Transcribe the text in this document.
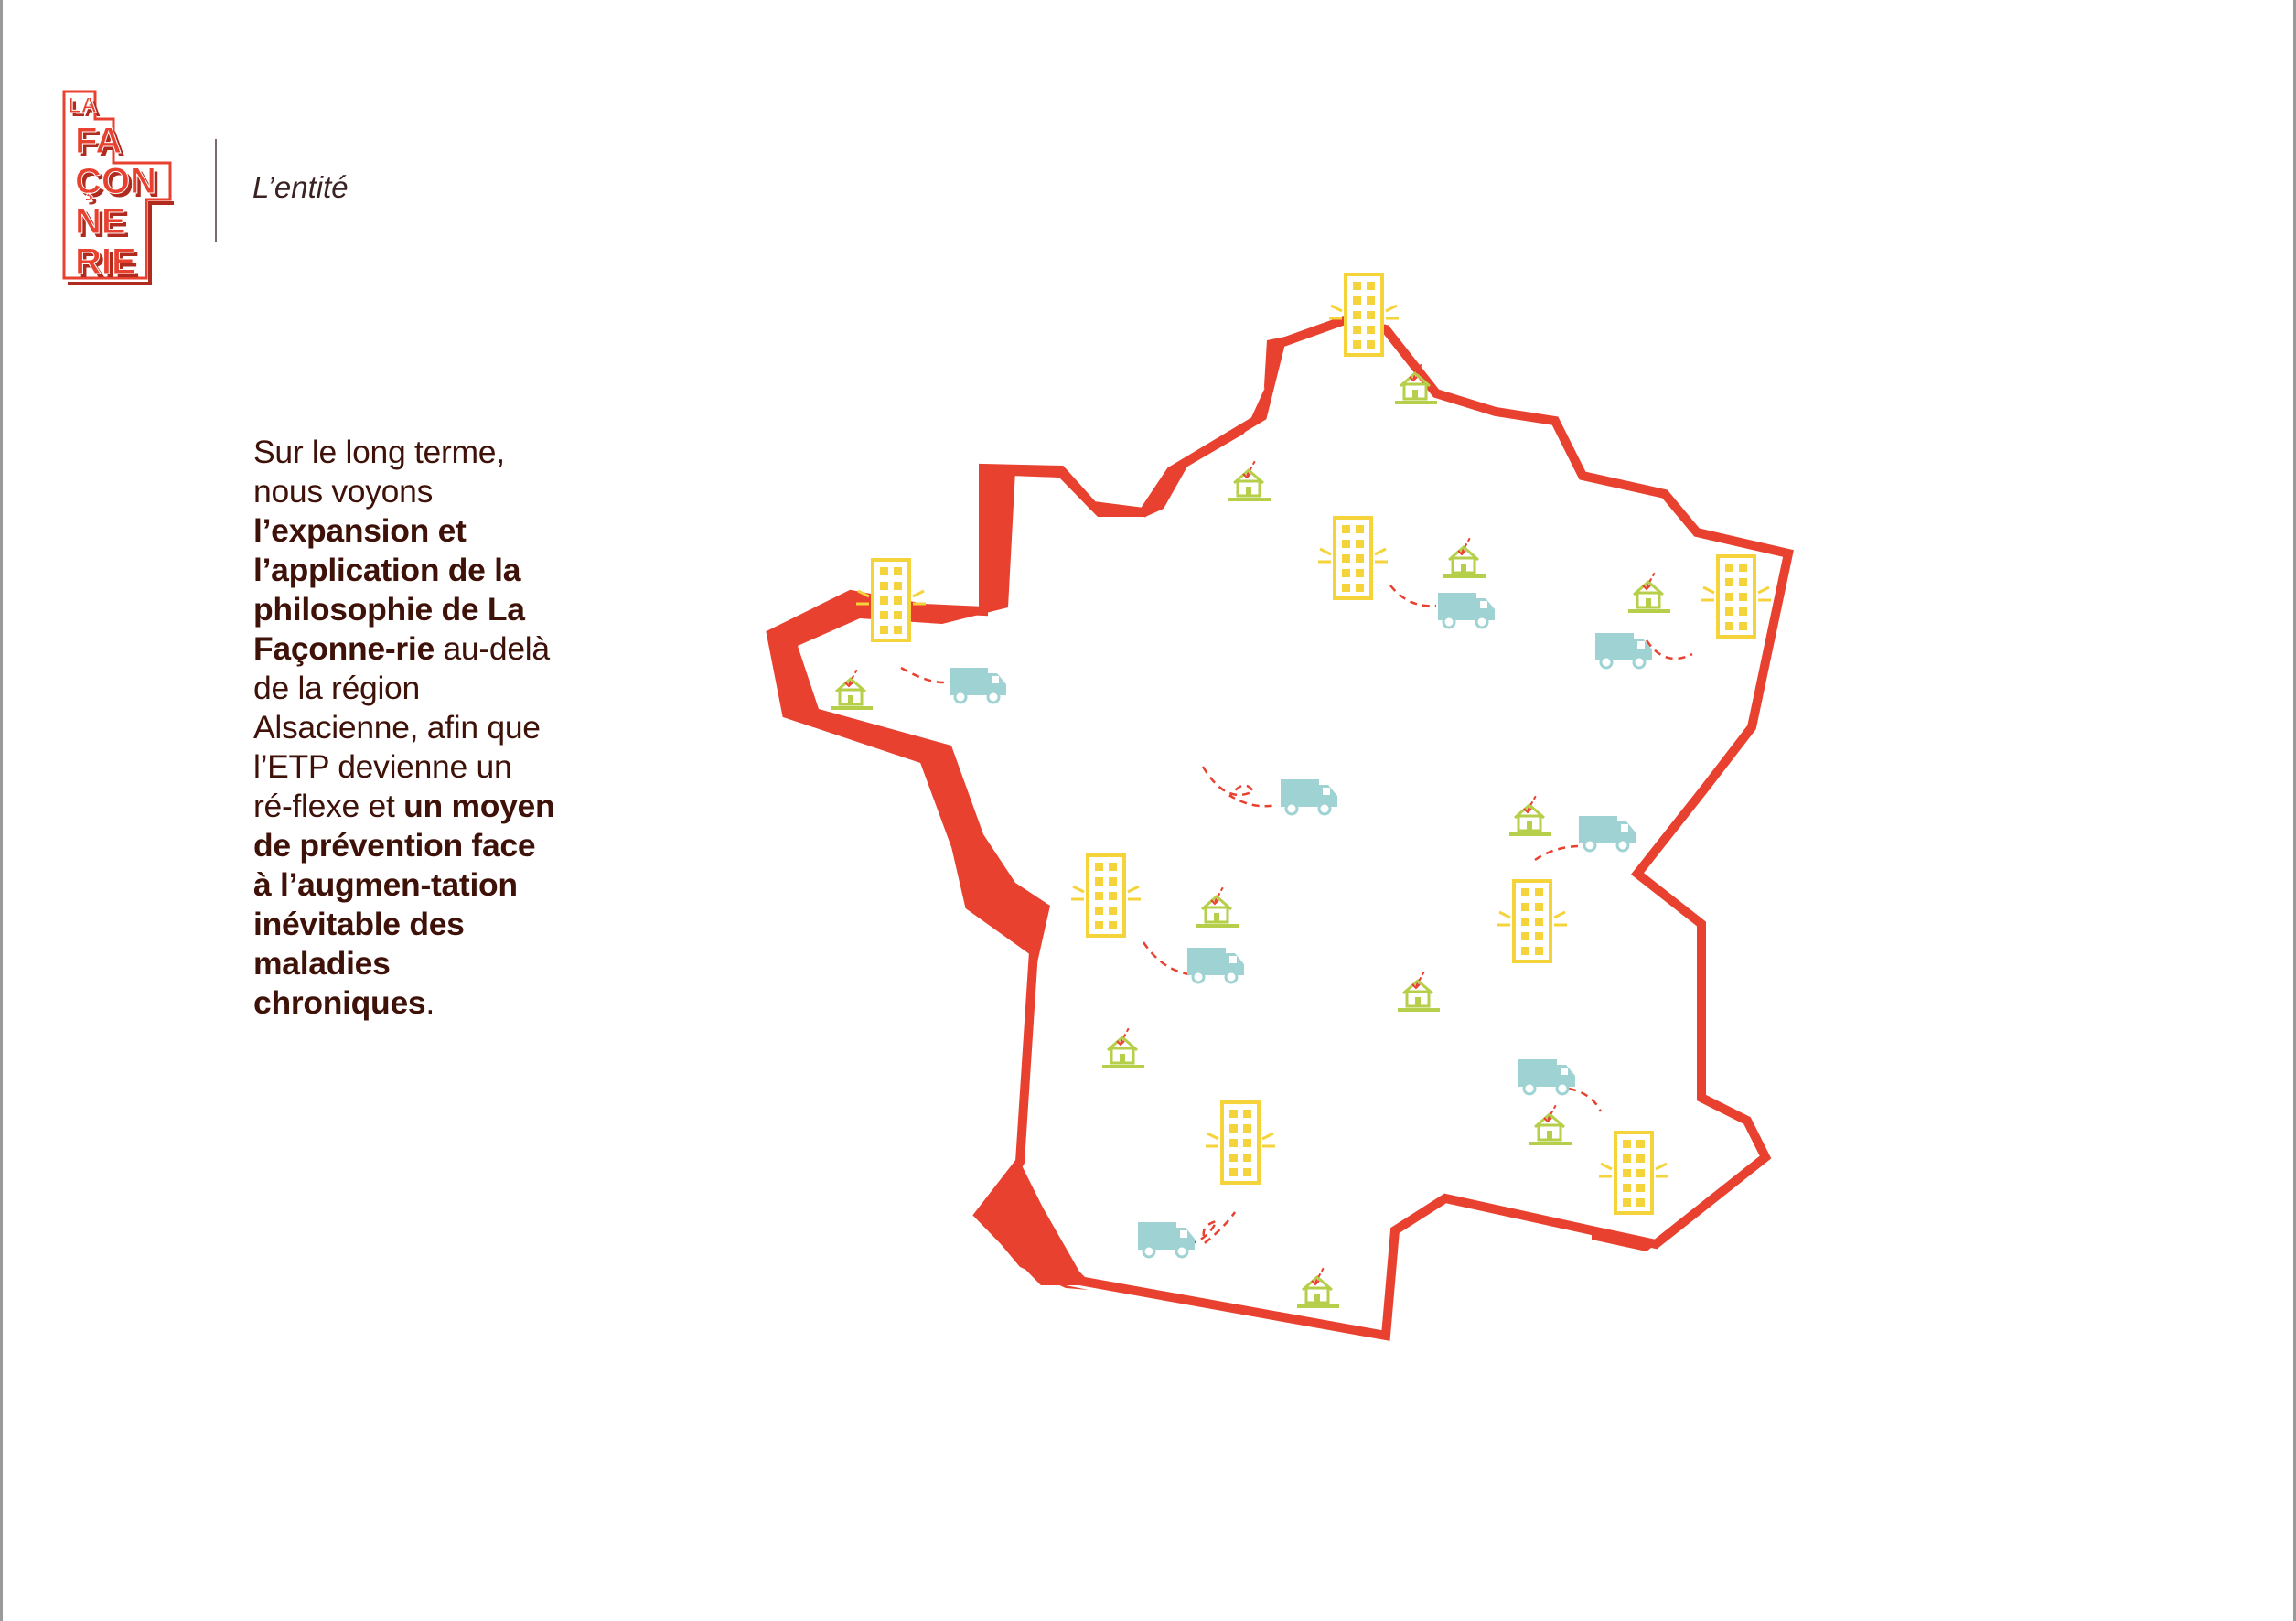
LA
FA
ÇON
NE
RIE
L’entité
Sur le long terme, nous voyons l’expansion et l’application de la philosophie de La Façonne-rie au-delà de la région Alsacienne, afin que l’ETP devienne un ré-flexe et un moyen de prévention face à l’augmen-tation inévitable des maladies chroniques.
